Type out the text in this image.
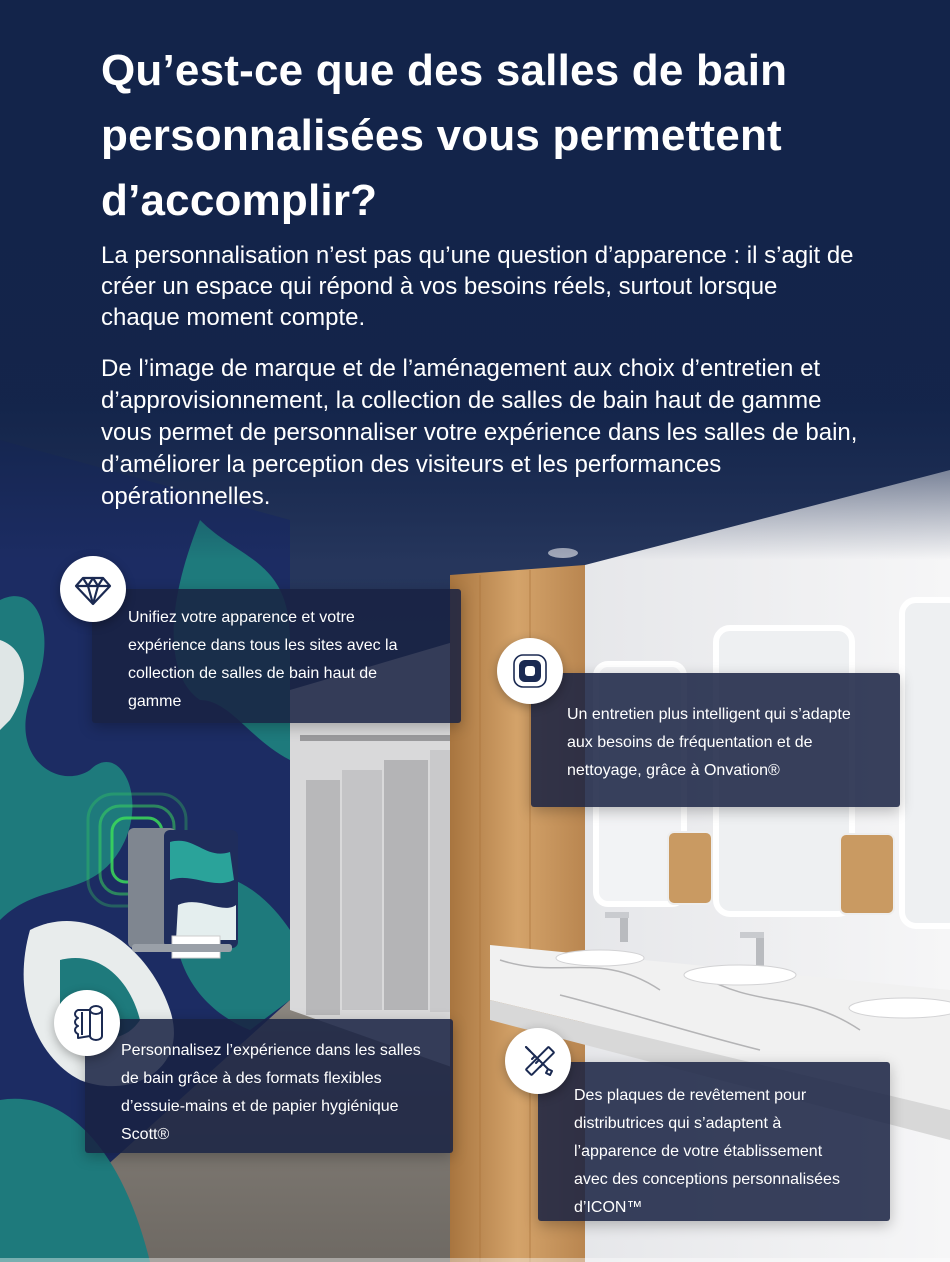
Qu’est-ce que des salles de bain personnalisées vous permettent d’accomplir?

La personnalisation n’est pas qu’une question d’apparence : il s’agit de créer un espace qui répond à vos besoins réels, surtout lorsque chaque moment compte.

De l’image de marque et de l’aménagement aux choix d’entretien et d’approvisionnement, la collection de salles de bain haut de gamme vous permet de personnaliser votre expérience dans les salles de bain, d’améliorer la perception des visiteurs et les performances opérationnelles.

Unifiez votre apparence et votre expérience dans tous les sites avec la collection de salles de bain haut de gamme
Un entretien plus intelligent qui s’adapte aux besoins de fréquentation et de nettoyage, grâce à Onvation®
Personnalisez l’expérience dans les salles de bain grâce à des formats flexibles d’essuie-mains et de papier hygiénique Scott®
Des plaques de revêtement pour distributrices qui s’adaptent à l’apparence de votre établissement avec des conceptions personnalisées d’ICON™
